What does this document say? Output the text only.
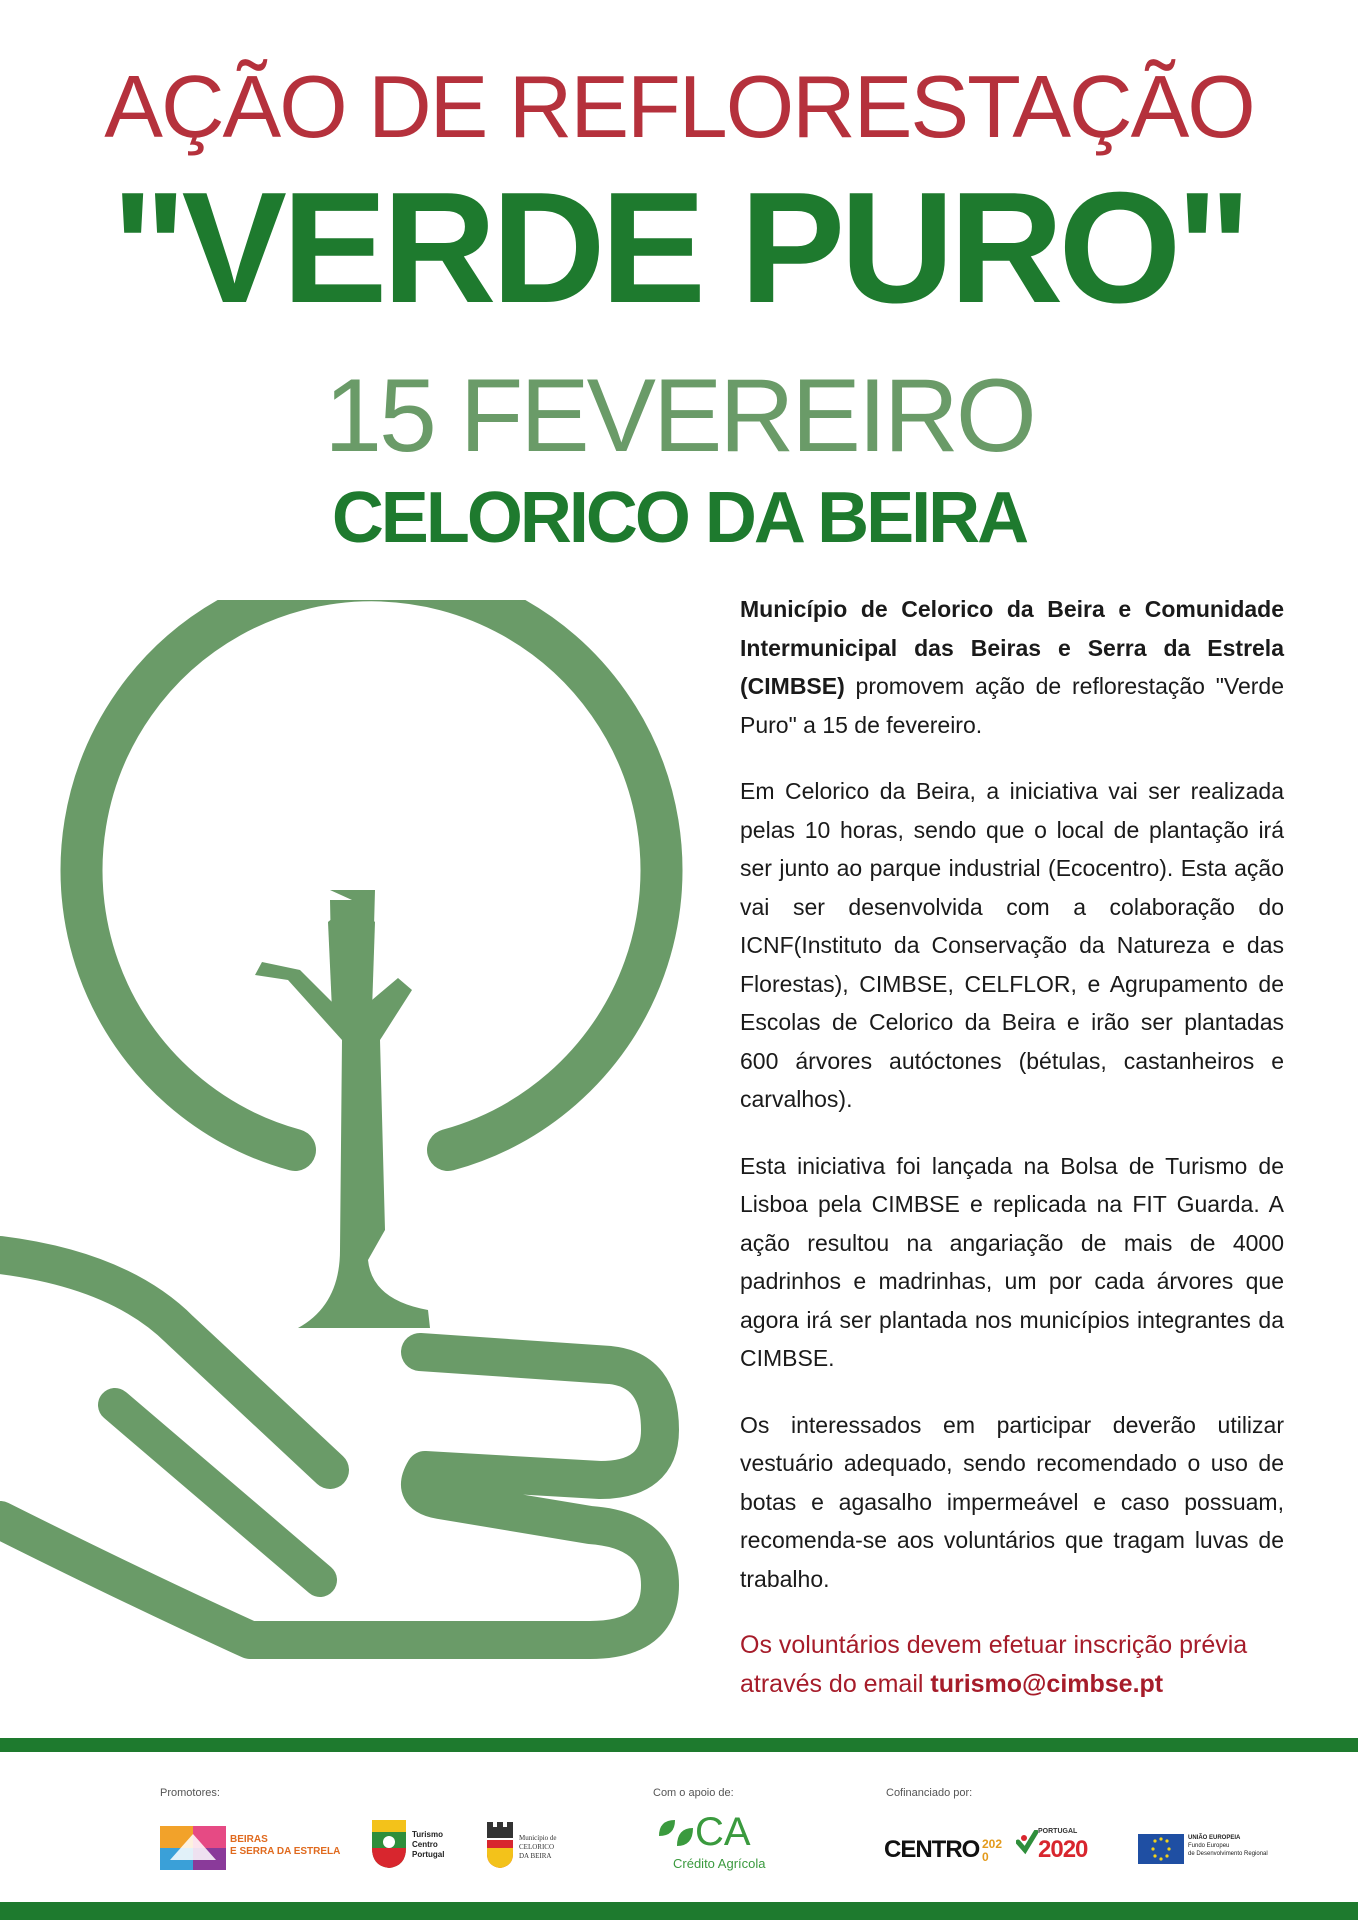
AÇÃO DE REFLORESTAÇÃO
"VERDE PURO"
15 FEVEREIRO
CELORICO DA BEIRA

Município de Celorico da Beira e Comunidade Intermunicipal das Beiras e Serra da Estrela (CIMBSE) promovem ação de reflorestação "Verde Puro" a 15 de fevereiro.

Em Celorico da Beira, a iniciativa vai ser realizada pelas 10 horas, sendo que o local de plantação irá ser junto ao parque industrial (Ecocentro). Esta ação vai ser desenvolvida com a colaboração do ICNF(Instituto da Conservação da Natureza e das Florestas), CIMBSE, CELFLOR, e Agrupamento de Escolas de Celorico da Beira e irão ser plantadas 600 árvores autóctones (bétulas, castanheiros e carvalhos).

Esta iniciativa foi lançada na Bolsa de Turismo de Lisboa pela CIMBSE e replicada na FIT Guarda. A ação resultou na angariação de mais de 4000 padrinhos e madrinhas, um por cada árvores que agora irá ser plantada nos municípios integrantes da CIMBSE.

Os interessados em participar deverão utilizar vestuário adequado, sendo recomendado o uso de botas e agasalho impermeável e caso possuam, recomenda-se aos voluntários que tragam luvas de trabalho.

Os voluntários devem efetuar inscrição prévia através do email turismo@cimbse.pt

Promotores:	Com o apoio de:	Cofinanciado por:
BEIRAS
E SERRA DA ESTRELA
Turismo
Centro
Portugal
Município de
CELORICO
DA BEIRA
CA
Crédito Agrícola
CENTRO 2020
PORTUGAL
2020	UNIÃO EUROPEIA
Fundo Europeu
de Desenvolvimento Regional
